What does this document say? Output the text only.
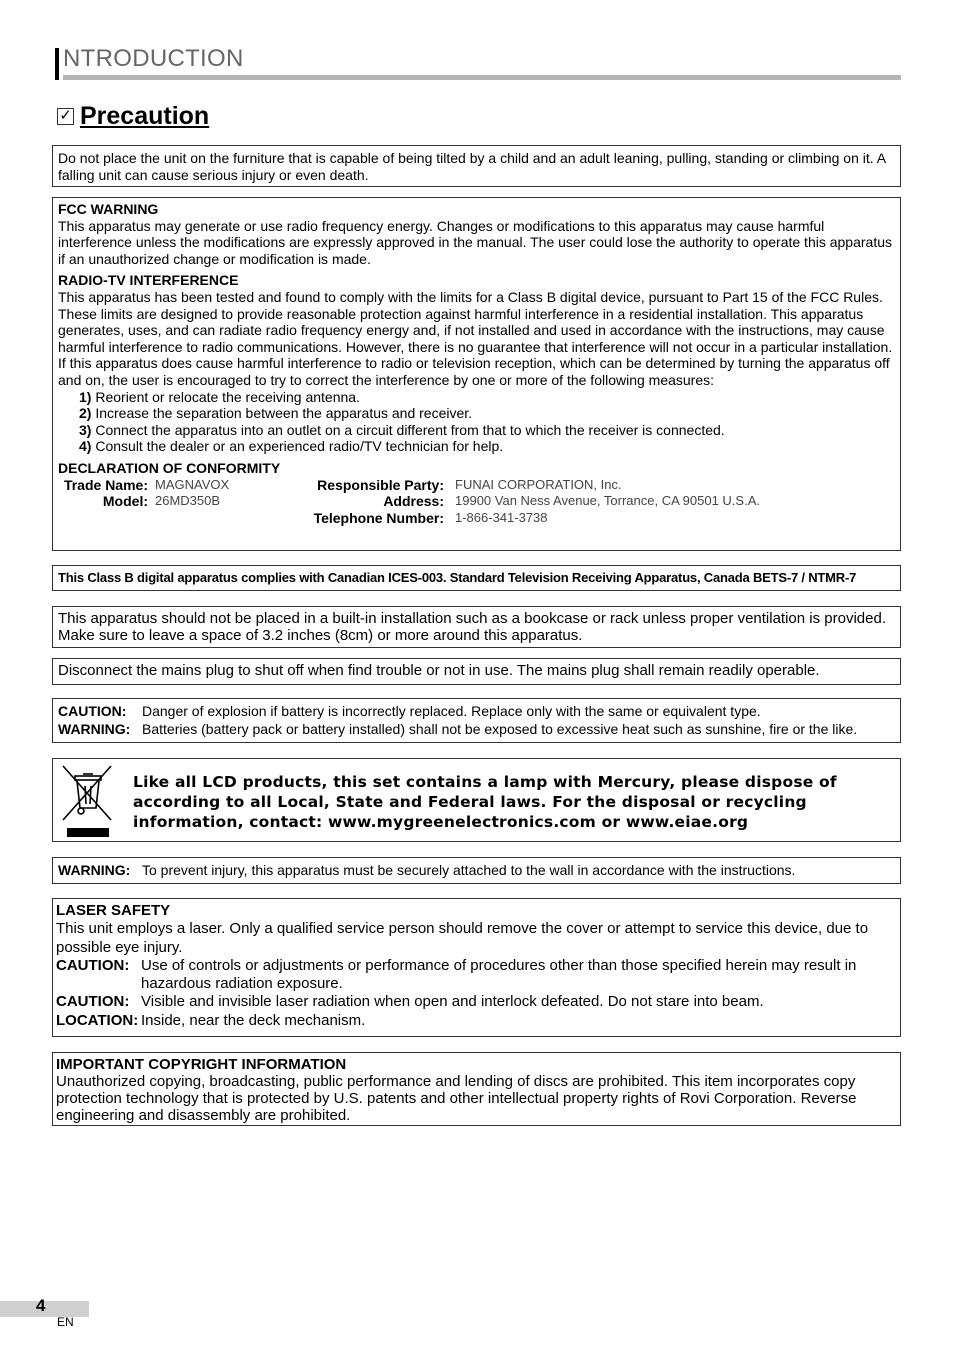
NTRODUCTION
✓ Precaution

Do not place the unit on the furniture that is capable of being tilted by a child and an adult leaning, pulling, standing or climbing on it. A falling unit can cause serious injury or even death.

FCC WARNING

This apparatus may generate or use radio frequency energy. Changes or modifications to this apparatus may cause harmful interference unless the modifications are expressly approved in the manual. The user could lose the authority to operate this apparatus if an unauthorized change or modification is made.

RADIO-TV INTERFERENCE

This apparatus has been tested and found to comply with the limits for a Class B digital device, pursuant to Part 15 of the FCC Rules. These limits are designed to provide reasonable protection against harmful interference in a residential installation. This apparatus generates, uses, and can radiate radio frequency energy and, if not installed and used in accordance with the instructions, may cause harmful interference to radio communications. However, there is no guarantee that interference will not occur in a particular installation. If this apparatus does cause harmful interference to radio or television reception, which can be determined by turning the apparatus off and on, the user is encouraged to try to correct the interference by one or more of the following measures:

1) Reorient or relocate the receiving antenna.

2) Increase the separation between the apparatus and receiver.

3) Connect the apparatus into an outlet on a circuit different from that to which the receiver is connected.

4) Consult the dealer or an experienced radio/TV technician for help.

DECLARATION OF CONFORMITY

Trade Name: MAGNAVOX	Responsible Party: FUNAI CORPORATION, Inc.
Model: 26MD350B	Address: 19900 Van Ness Avenue, Torrance, CA 90501 U.S.A.
Telephone Number: 1-866-341-3738

This Class B digital apparatus complies with Canadian ICES-003. Standard Television Receiving Apparatus, Canada BETS-7 / NTMR-7

This apparatus should not be placed in a built-in installation such as a bookcase or rack unless proper ventilation is provided. Make sure to leave a space of 3.2 inches (8cm) or more around this apparatus.

Disconnect the mains plug to shut off when find trouble or not in use. The mains plug shall remain readily operable.

CAUTION:	Danger of explosion if battery is incorrectly replaced. Replace only with the same or equivalent type.
WARNING: Batteries (battery pack or battery installed) shall not be exposed to excessive heat such as sunshine, fire or the like.
Like all LCD products, this set contains a lamp with Mercury, please dispose of according to all Local, State and Federal laws. For the disposal or recycling information, contact: www.mygreenelectronics.com or www.eiae.org
WARNING: To prevent injury, this apparatus must be securely attached to the wall in accordance with the instructions.

LASER SAFETY

This unit employs a laser. Only a qualified service person should remove the cover or attempt to service this device, due to possible eye injury.

CAUTION: Use of controls or adjustments or performance of procedures other than those specified herein may result in hazardous radiation exposure.
CAUTION: Visible and invisible laser radiation when open and interlock defeated. Do not stare into beam.
LOCATION: Inside, near the deck mechanism.

IMPORTANT COPYRIGHT INFORMATION

Unauthorized copying, broadcasting, public performance and lending of discs are prohibited. This item incorporates copy protection technology that is protected by U.S. patents and other intellectual property rights of Rovi Corporation. Reverse engineering and disassembly are prohibited.

4
EN
